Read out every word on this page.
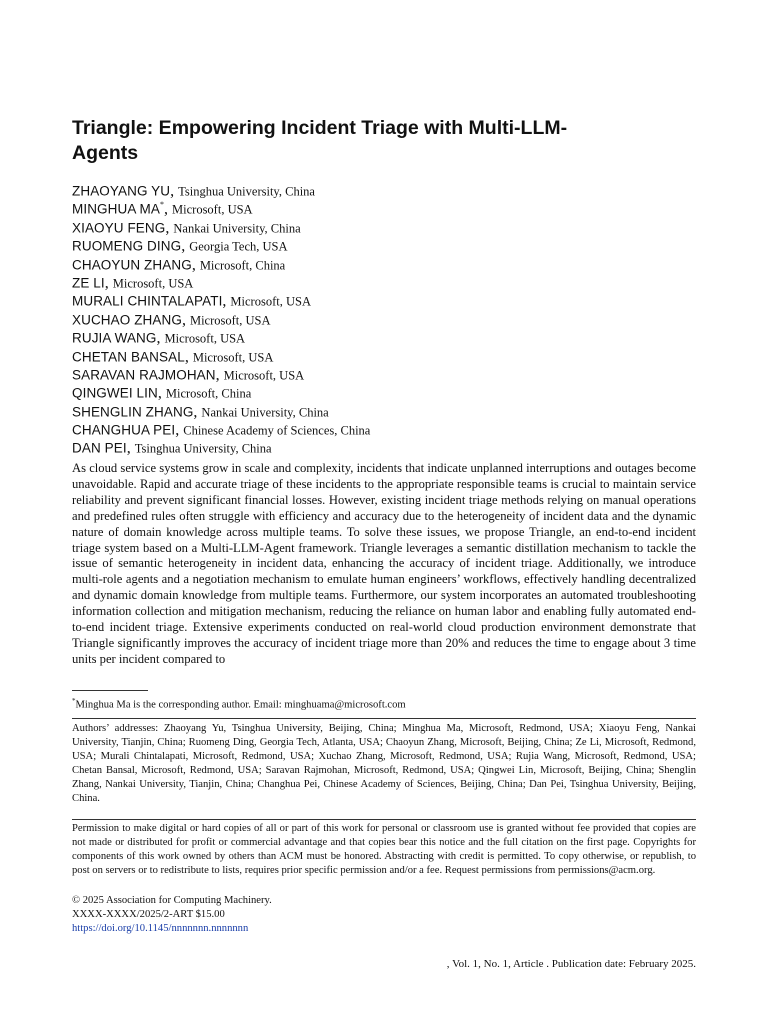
Triangle: Empowering Incident Triage with Multi-LLM-Agents
ZHAOYANG YU, Tsinghua University, China
MINGHUA MA*, Microsoft, USA
XIAOYU FENG, Nankai University, China
RUOMENG DING, Georgia Tech, USA
CHAOYUN ZHANG, Microsoft, China
ZE LI, Microsoft, USA
MURALI CHINTALAPATI, Microsoft, USA
XUCHAO ZHANG, Microsoft, USA
RUJIA WANG, Microsoft, USA
CHETAN BANSAL, Microsoft, USA
SARAVAN RAJMOHAN, Microsoft, USA
QINGWEI LIN, Microsoft, China
SHENGLIN ZHANG, Nankai University, China
CHANGHUA PEI, Chinese Academy of Sciences, China
DAN PEI, Tsinghua University, China

As cloud service systems grow in scale and complexity, incidents that indicate unplanned interruptions and outages become unavoidable. Rapid and accurate triage of these incidents to the appropriate responsible teams is crucial to maintain service reliability and prevent significant financial losses. However, existing incident triage methods relying on manual operations and predefined rules often struggle with efficiency and accuracy due to the heterogeneity of incident data and the dynamic nature of domain knowledge across multiple teams. To solve these issues, we propose Triangle, an end-to-end incident triage system based on a Multi-LLM-Agent framework. Triangle leverages a semantic distillation mechanism to tackle the issue of semantic heterogeneity in incident data, enhancing the accuracy of incident triage. Additionally, we introduce multi-role agents and a negotiation mechanism to emulate human engineers’ workflows, effectively handling decentralized and dynamic domain knowledge from multiple teams. Furthermore, our system incorporates an automated troubleshooting information collection and mitigation mechanism, reducing the reliance on human labor and enabling fully automated end-to-end incident triage. Extensive experiments conducted on real-world cloud production environment demonstrate that Triangle significantly improves the accuracy of incident triage more than 20% and reduces the time to engage about 3 time units per incident compared to

*Minghua Ma is the corresponding author. Email: minghuama@microsoft.com

Authors’ addresses: Zhaoyang Yu, Tsinghua University, Beijing, China; Minghua Ma, Microsoft, Redmond, USA; Xiaoyu Feng, Nankai University, Tianjin, China; Ruomeng Ding, Georgia Tech, Atlanta, USA; Chaoyun Zhang, Microsoft, Beijing, China; Ze Li, Microsoft, Redmond, USA; Murali Chintalapati, Microsoft, Redmond, USA; Xuchao Zhang, Microsoft, Redmond, USA; Rujia Wang, Microsoft, Redmond, USA; Chetan Bansal, Microsoft, Redmond, USA; Saravan Rajmohan, Microsoft, Redmond, USA; Qingwei Lin, Microsoft, Beijing, China; Shenglin Zhang, Nankai University, Tianjin, China; Changhua Pei, Chinese Academy of Sciences, Beijing, China; Dan Pei, Tsinghua University, Beijing, China.

Permission to make digital or hard copies of all or part of this work for personal or classroom use is granted without fee provided that copies are not made or distributed for profit or commercial advantage and that copies bear this notice and the full citation on the first page. Copyrights for components of this work owned by others than ACM must be honored. Abstracting with credit is permitted. To copy otherwise, or republish, to post on servers or to redistribute to lists, requires prior specific permission and/or a fee. Request permissions from permissions@acm.org.

© 2025 Association for Computing Machinery.

XXXX-XXXX/2025/2-ART $15.00

https://doi.org/10.1145/nnnnnnn.nnnnnnn

, Vol. 1, No. 1, Article . Publication date: February 2025.
